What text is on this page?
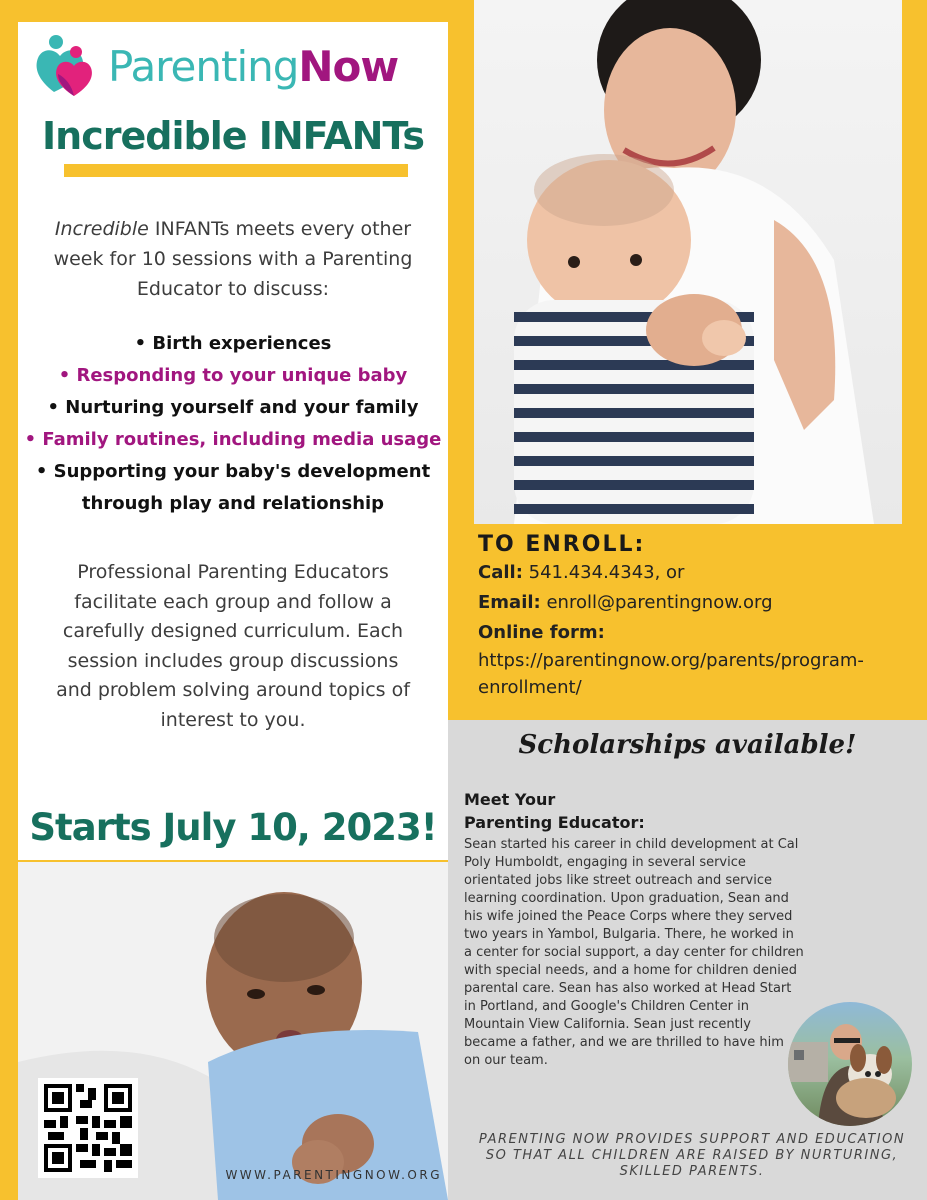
ParentingNow
Incredible INFANTs
Incredible INFANTs meets every other week for 10 sessions with a Parenting Educator to discuss:
• Birth experiences
• Responding to your unique baby
• Nurturing yourself and your family
• Family routines, including media usage
• Supporting your baby's development
through play and relationship
Professional Parenting Educators facilitate each group and follow a carefully designed curriculum. Each session includes group discussions and problem solving around topics of interest to you.
Starts July 10, 2023!
TO ENROLL:
Call: 541.434.4343, or
Email: enroll@parentingnow.org
Online form:
https://parentingnow.org/parents/program-
enrollment/
Scholarships available!
Meet Your
Parenting Educator:
Sean started his career in child development at Cal Poly Humboldt, engaging in several service orientated jobs like street outreach and service learning coordination. Upon graduation, Sean and his wife joined the Peace Corps where they served two years in Yambol, Bulgaria. There, he worked in a center for social support, a day center for children with special needs, and a home for children denied parental care. Sean has also worked at Head Start in Portland, and Google's Children Center in Mountain View California. Sean just recently became a father, and we are thrilled to have him on our team.
PARENTING NOW PROVIDES SUPPORT AND EDUCATION SO THAT ALL CHILDREN ARE RAISED BY NURTURING, SKILLED PARENTS.
WWW.PARENTINGNOW.ORG
